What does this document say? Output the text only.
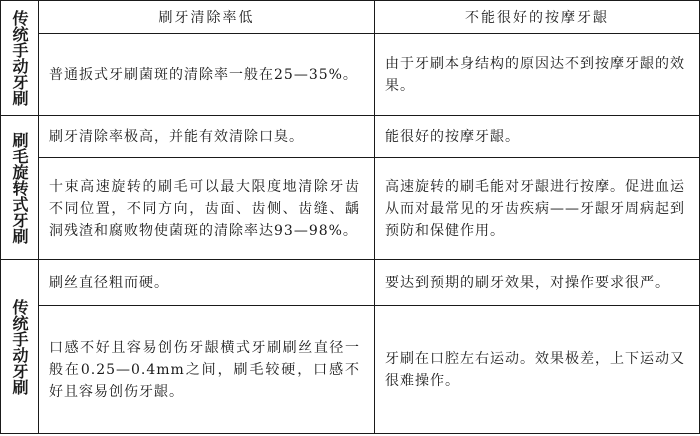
传统手动牙刷	刷牙清除率低	不能很好的按摩牙龈
	普通扳式牙刷菌斑的清除率一般在25—35%。	由于牙刷本身结构的原因达不到按摩牙龈的效果。
刷毛旋转式牙刷	刷牙清除率极高，并能有效清除口臭。	能很好的按摩牙龈。
	十束高速旋转的刷毛可以最大限度地清除牙齿不同位置，不同方向，齿面、齿侧、齿缝、龋洞残渣和腐败物使菌斑的清除率达93—98%。	高速旋转的刷毛能对牙龈进行按摩。促进血运从而对最常见的牙齿疾病——牙龈牙周病起到预防和保健作用。
传统手动牙刷	刷丝直径粗而硬。	要达到预期的刷牙效果，对操作要求很严。
	口感不好且容易创伤牙龈横式牙刷刷丝直径一般在0.25—0.4mm之间，刷毛较硬，口感不好且容易创伤牙龈。	牙刷在口腔左右运动。效果极差，上下运动又很难操作。
